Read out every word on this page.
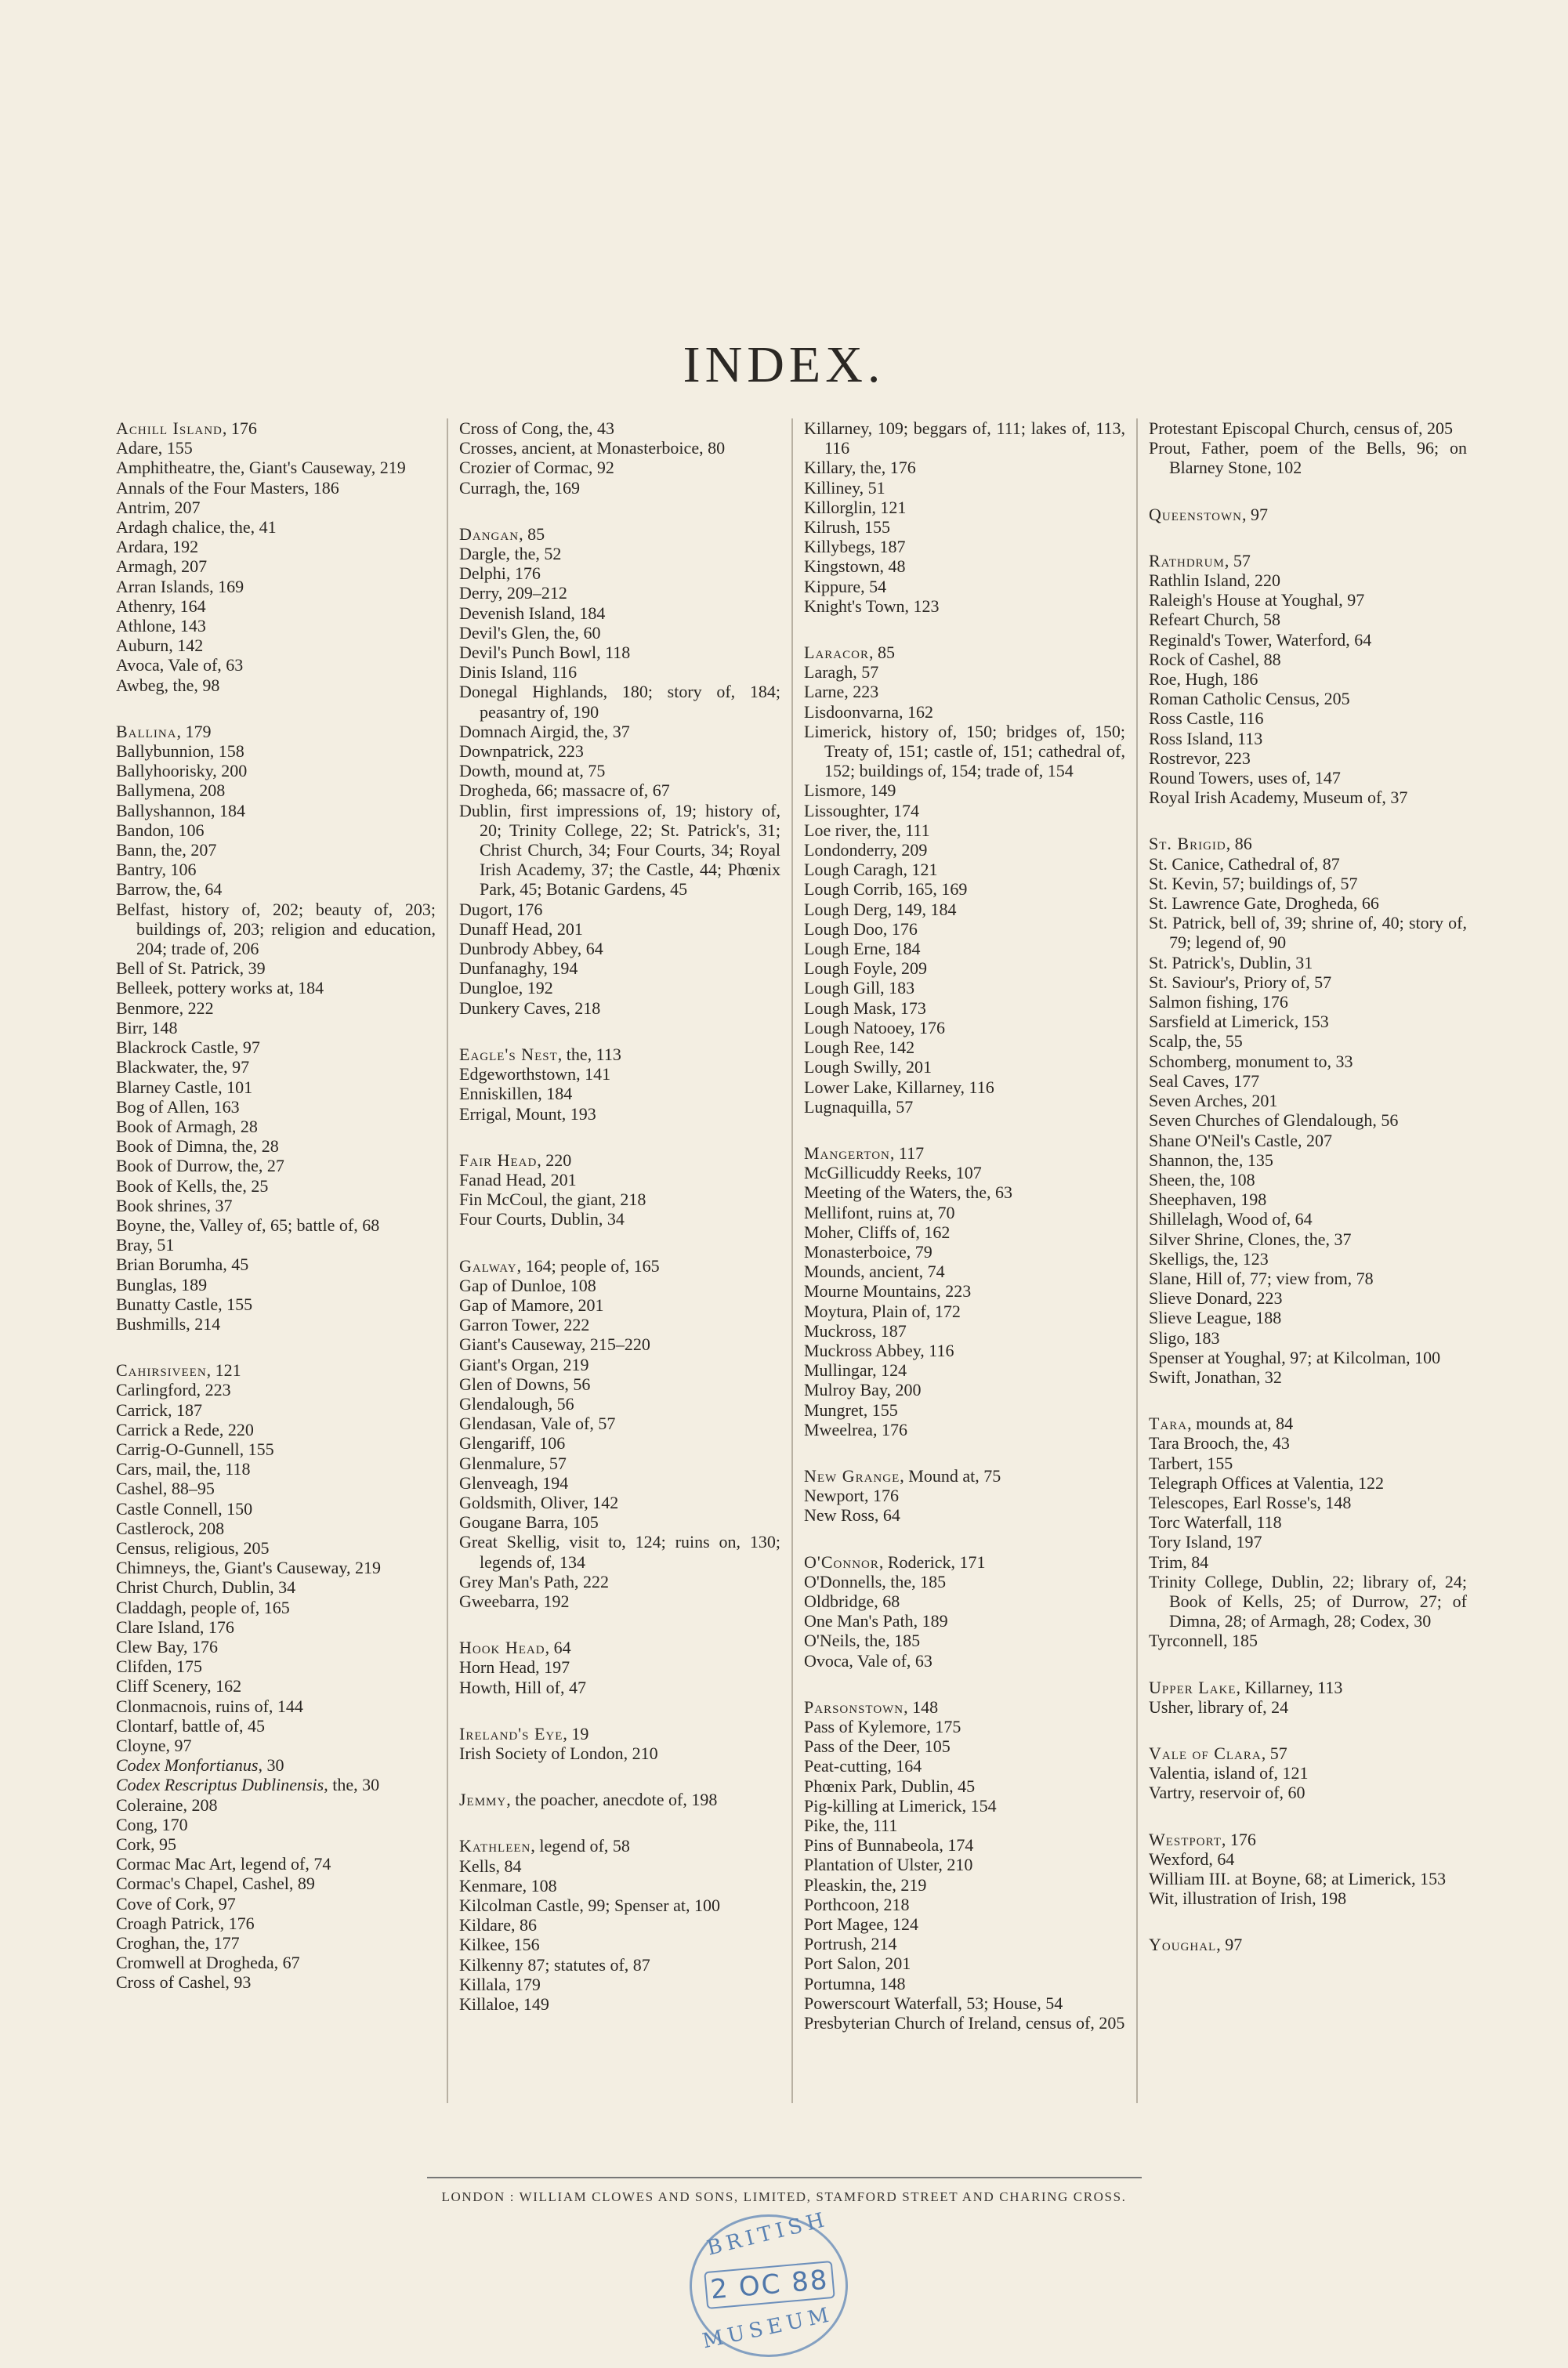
INDEX.

Achill Island, 176

Adare, 155

Amphitheatre, the, Giant's Causeway, 219

Annals of the Four Masters, 186

Antrim, 207

Ardagh chalice, the, 41

Ardara, 192

Armagh, 207

Arran Islands, 169

Athenry, 164

Athlone, 143

Auburn, 142

Avoca, Vale of, 63

Awbeg, the, 98

Ballina, 179

Ballybunnion, 158

Ballyhoorisky, 200

Ballymena, 208

Ballyshannon, 184

Bandon, 106

Bann, the, 207

Bantry, 106

Barrow, the, 64

Belfast, history of, 202; beauty of, 203; buildings of, 203; religion and education, 204; trade of, 206

Bell of St. Patrick, 39

Belleek, pottery works at, 184

Benmore, 222

Birr, 148

Blackrock Castle, 97

Blackwater, the, 97

Blarney Castle, 101

Bog of Allen, 163

Book of Armagh, 28

Book of Dimna, the, 28

Book of Durrow, the, 27

Book of Kells, the, 25

Book shrines, 37

Boyne, the, Valley of, 65; battle of, 68

Bray, 51

Brian Borumha, 45

Bunglas, 189

Bunatty Castle, 155

Bushmills, 214

Cahirsiveen, 121

Carlingford, 223

Carrick, 187

Carrick a Rede, 220

Carrig-O-Gunnell, 155

Cars, mail, the, 118

Cashel, 88–95

Castle Connell, 150

Castlerock, 208

Census, religious, 205

Chimneys, the, Giant's Causeway, 219

Christ Church, Dublin, 34

Claddagh, people of, 165

Clare Island, 176

Clew Bay, 176

Clifden, 175

Cliff Scenery, 162

Clonmacnois, ruins of, 144

Clontarf, battle of, 45

Cloyne, 97

Codex Monfortianus, 30

Codex Rescriptus Dublinensis, the, 30

Coleraine, 208

Cong, 170

Cork, 95

Cormac Mac Art, legend of, 74

Cormac's Chapel, Cashel, 89

Cove of Cork, 97

Croagh Patrick, 176

Croghan, the, 177

Cromwell at Drogheda, 67

Cross of Cashel, 93

Cross of Cong, the, 43

Crosses, ancient, at Monasterboice, 80

Crozier of Cormac, 92

Curragh, the, 169

Dangan, 85

Dargle, the, 52

Delphi, 176

Derry, 209–212

Devenish Island, 184

Devil's Glen, the, 60

Devil's Punch Bowl, 118

Dinis Island, 116

Donegal Highlands, 180; story of, 184; peasantry of, 190

Domnach Airgid, the, 37

Downpatrick, 223

Dowth, mound at, 75

Drogheda, 66; massacre of, 67

Dublin, first impressions of, 19; history of, 20; Trinity College, 22; St. Patrick's, 31; Christ Church, 34; Four Courts, 34; Royal Irish Academy, 37; the Castle, 44; Phœnix Park, 45; Botanic Gardens, 45

Dugort, 176

Dunaff Head, 201

Dunbrody Abbey, 64

Dunfanaghy, 194

Dungloe, 192

Dunkery Caves, 218

Eagle's Nest, the, 113

Edgeworthstown, 141

Enniskillen, 184

Errigal, Mount, 193

Fair Head, 220

Fanad Head, 201

Fin McCoul, the giant, 218

Four Courts, Dublin, 34

Galway, 164; people of, 165

Gap of Dunloe, 108

Gap of Mamore, 201

Garron Tower, 222

Giant's Causeway, 215–220

Giant's Organ, 219

Glen of Downs, 56

Glendalough, 56

Glendasan, Vale of, 57

Glengariff, 106

Glenmalure, 57

Glenveagh, 194

Goldsmith, Oliver, 142

Gougane Barra, 105

Great Skellig, visit to, 124; ruins on, 130; legends of, 134

Grey Man's Path, 222

Gweebarra, 192

Hook Head, 64

Horn Head, 197

Howth, Hill of, 47

Ireland's Eye, 19

Irish Society of London, 210

Jemmy, the poacher, anecdote of, 198

Kathleen, legend of, 58

Kells, 84

Kenmare, 108

Kilcolman Castle, 99; Spenser at, 100

Kildare, 86

Kilkee, 156

Kilkenny 87; statutes of, 87

Killala, 179

Killaloe, 149

Killarney, 109; beggars of, 111; lakes of, 113, 116

Killary, the, 176

Killiney, 51

Killorglin, 121

Kilrush, 155

Killybegs, 187

Kingstown, 48

Kippure, 54

Knight's Town, 123

Laracor, 85

Laragh, 57

Larne, 223

Lisdoonvarna, 162

Limerick, history of, 150; bridges of, 150; Treaty of, 151; castle of, 151; cathedral of, 152; buildings of, 154; trade of, 154

Lismore, 149

Lissoughter, 174

Loe river, the, 111

Londonderry, 209

Lough Caragh, 121

Lough Corrib, 165, 169

Lough Derg, 149, 184

Lough Doo, 176

Lough Erne, 184

Lough Foyle, 209

Lough Gill, 183

Lough Mask, 173

Lough Natooey, 176

Lough Ree, 142

Lough Swilly, 201

Lower Lake, Killarney, 116

Lugnaquilla, 57

Mangerton, 117

McGillicuddy Reeks, 107

Meeting of the Waters, the, 63

Mellifont, ruins at, 70

Moher, Cliffs of, 162

Monasterboice, 79

Mounds, ancient, 74

Mourne Mountains, 223

Moytura, Plain of, 172

Muckross, 187

Muckross Abbey, 116

Mullingar, 124

Mulroy Bay, 200

Mungret, 155

Mweelrea, 176

New Grange, Mound at, 75

Newport, 176

New Ross, 64

O'Connor, Roderick, 171

O'Donnells, the, 185

Oldbridge, 68

One Man's Path, 189

O'Neils, the, 185

Ovoca, Vale of, 63

Parsonstown, 148

Pass of Kylemore, 175

Pass of the Deer, 105

Peat-cutting, 164

Phœnix Park, Dublin, 45

Pig-killing at Limerick, 154

Pike, the, 111

Pins of Bunnabeola, 174

Plantation of Ulster, 210

Pleaskin, the, 219

Porthcoon, 218

Port Magee, 124

Portrush, 214

Port Salon, 201

Portumna, 148

Powerscourt Waterfall, 53; House, 54

Presbyterian Church of Ireland, census of, 205

Protestant Episcopal Church, census of, 205

Prout, Father, poem of the Bells, 96; on Blarney Stone, 102

Queenstown, 97

Rathdrum, 57

Rathlin Island, 220

Raleigh's House at Youghal, 97

Refeart Church, 58

Reginald's Tower, Waterford, 64

Rock of Cashel, 88

Roe, Hugh, 186

Roman Catholic Census, 205

Ross Castle, 116

Ross Island, 113

Rostrevor, 223

Round Towers, uses of, 147

Royal Irish Academy, Museum of, 37

St. Brigid, 86

St. Canice, Cathedral of, 87

St. Kevin, 57; buildings of, 57

St. Lawrence Gate, Drogheda, 66

St. Patrick, bell of, 39; shrine of, 40; story of, 79; legend of, 90

St. Patrick's, Dublin, 31

St. Saviour's, Priory of, 57

Salmon fishing, 176

Sarsfield at Limerick, 153

Scalp, the, 55

Schomberg, monument to, 33

Seal Caves, 177

Seven Arches, 201

Seven Churches of Glendalough, 56

Shane O'Neil's Castle, 207

Shannon, the, 135

Sheen, the, 108

Sheephaven, 198

Shillelagh, Wood of, 64

Silver Shrine, Clones, the, 37

Skelligs, the, 123

Slane, Hill of, 77; view from, 78

Slieve Donard, 223

Slieve League, 188

Sligo, 183

Spenser at Youghal, 97; at Kilcolman, 100

Swift, Jonathan, 32

Tara, mounds at, 84

Tara Brooch, the, 43

Tarbert, 155

Telegraph Offices at Valentia, 122

Telescopes, Earl Rosse's, 148

Torc Waterfall, 118

Tory Island, 197

Trim, 84

Trinity College, Dublin, 22; library of, 24; Book of Kells, 25; of Durrow, 27; of Dimna, 28; of Armagh, 28; Codex, 30

Tyrconnell, 185

Upper Lake, Killarney, 113

Usher, library of, 24

Vale of Clara, 57

Valentia, island of, 121

Vartry, reservoir of, 60

Westport, 176

Wexford, 64

William III. at Boyne, 68; at Limerick, 153

Wit, illustration of Irish, 198

Youghal, 97

LONDON : WILLIAM CLOWES AND SONS, LIMITED, STAMFORD STREET AND CHARING CROSS.
BRITISH
2 OC 88
MUSEUM
